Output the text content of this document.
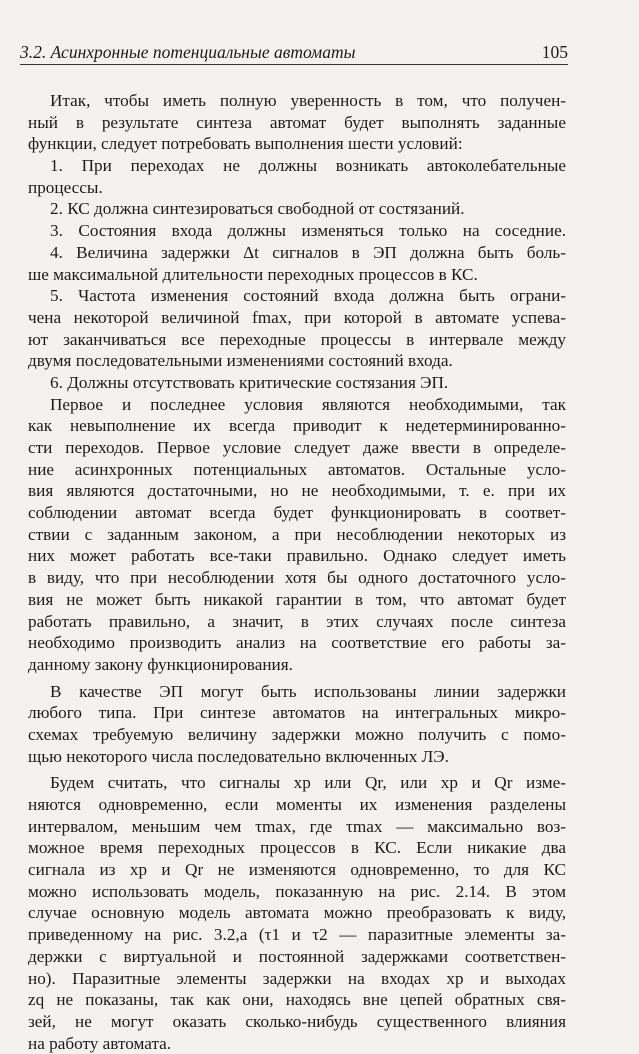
3.2. Асинхронные потенциальные автоматы	105
Итак, чтобы иметь полную уверенность в том, что получен-
ный в результате синтеза автомат будет выполнять заданные
функции, следует потребовать выполнения шести условий:
1. При переходах не должны возникать автоколебательные
процессы.
2. КС должна синтезироваться свободной от состязаний.
3. Состояния входа должны изменяться только на соседние.
4. Величина задержки Δt сигналов в ЭП должна быть боль-
ше максимальной длительности переходных процессов в КС.
5. Частота изменения состояний входа должна быть ограни-
чена некоторой величиной fmax, при которой в автомате успева-
ют заканчиваться все переходные процессы в интервале между
двумя последовательными изменениями состояний входа.
6. Должны отсутствовать критические состязания ЭП.
Первое и последнее условия являются необходимыми, так
как невыполнение их всегда приводит к недетерминированно-
сти переходов. Первое условие следует даже ввести в определе-
ние асинхронных потенциальных автоматов. Остальные усло-
вия являются достаточными, но не необходимыми, т. е. при их
соблюдении автомат всегда будет функционировать в соответ-
ствии с заданным законом, а при несоблюдении некоторых из
них может работать все-таки правильно. Однако следует иметь
в виду, что при несоблюдении хотя бы одного достаточного усло-
вия не может быть никакой гарантии в том, что автомат будет
работать правильно, а значит, в этих случаях после синтеза
необходимо производить анализ на соответствие его работы за-
данному закону функционирования.
В качестве ЭП могут быть использованы линии задержки
любого типа. При синтезе автоматов на интегральных микро-
схемах требуемую величину задержки можно получить с помо-
щью некоторого числа последовательно включенных ЛЭ.
Будем считать, что сигналы xp или Qr, или xp и Qr изме-
няются одновременно, если моменты их изменения разделены
интервалом, меньшим чем τmax, где τmax — максимально воз-
можное время переходных процессов в КС. Если никакие два
сигнала из xp и Qr не изменяются одновременно, то для КС
можно использовать модель, показанную на рис. 2.14. В этом
случае основную модель автомата можно преобразовать к виду,
приведенному на рис. 3.2,а (τ1 и τ2 — паразитные элементы за-
держки с виртуальной и постоянной задержками соответствен-
но). Паразитные элементы задержки на входах xp и выходах
zq не показаны, так как они, находясь вне цепей обратных свя-
зей, не могут оказать сколько-нибудь существенного влияния
на работу автомата.
